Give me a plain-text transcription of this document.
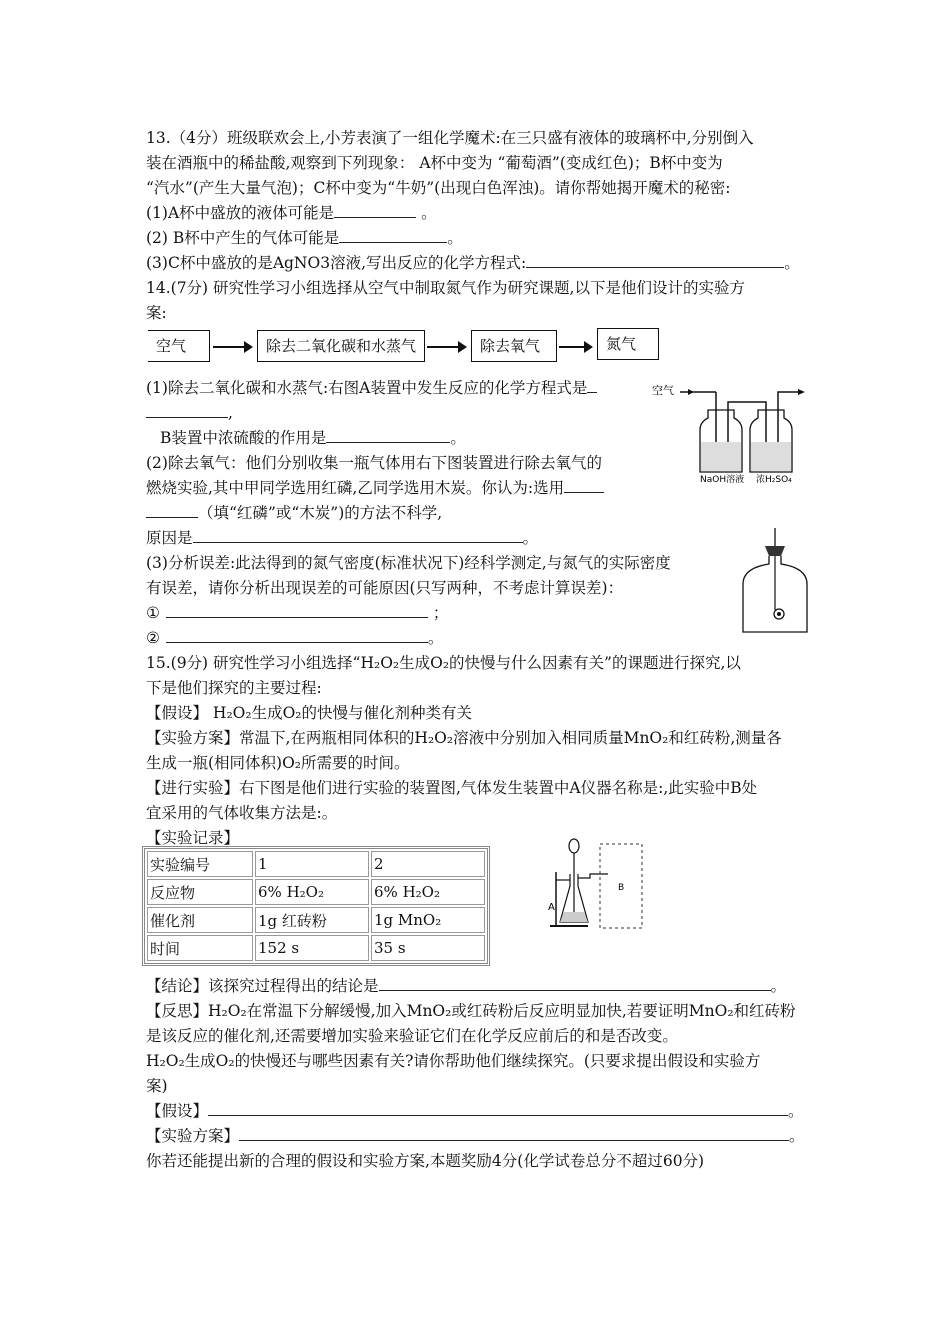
13.（4分）班级联欢会上,小芳表演了一组化学魔术:在三只盛有液体的玻璃杯中,分别倒入
装在酒瓶中的稀盐酸,观察到下列现象： A杯中变为 “葡萄酒”(变成红色)；B杯中变为
“汽水”(产生大量气泡)；C杯中变为“牛奶”(出现白色浑浊)。请你帮她揭开魔术的秘密:
(1)A杯中盛放的液体可能是	。
(2) B杯中产生的气体可能是	。
(3)C杯中盛放的是AgNO3溶液,写出反应的化学方程式:	。
14.(7分) 研究性学习小组选择从空气中制取氮气作为研究课题,以下是他们设计的实验方
案:
空气	除去二氧化碳和水蒸气	除去氧气	氮气
(1)除去二氧化碳和水蒸气:右图A装置中发生反应的化学方程式是
,
B装置中浓硫酸的作用是	。
(2)除去氧气：他们分别收集一瓶气体用右下图装置进行除去氧气的
燃烧实验,其中甲同学选用红磷,乙同学选用木炭。你认为:选用
（填“红磷”或“木炭”)的方法不科学,
原因是	。
(3)分析误差:此法得到的氮气密度(标准状况下)经科学测定,与氮气的实际密度
有误差，请你分析出现误差的可能原因(只写两种，不考虑计算误差)：
①	；
②	。
空气
NaOH溶液 浓H₂SO₄
15.(9分) 研究性学习小组选择“H₂O₂生成O₂的快慢与什么因素有关”的课题进行探究,以
下是他们探究的主要过程:
【假设】 H₂O₂生成O₂的快慢与催化剂种类有关
【实验方案】常温下,在两瓶相同体积的H₂O₂溶液中分别加入相同质量MnO₂和红砖粉,测量各
生成一瓶(相同体积)O₂所需要的时间。
【进行实验】右下图是他们进行实验的装置图,气体发生装置中A仪器名称是:,此实验中B处
宜采用的气体收集方法是:。
【实验记录】
实验编号	1	2
反应物	6% H₂O₂	6% H₂O₂
催化剂	1g 红砖粉	1g MnO₂
时间	152 s	35 s
B
A
【结论】该探究过程得出的结论是	。
【反思】H₂O₂在常温下分解缓慢,加入MnO₂或红砖粉后反应明显加快,若要证明MnO₂和红砖粉
是该反应的催化剂,还需要增加实验来验证它们在化学反应前后的和是否改变。
H₂O₂生成O₂的快慢还与哪些因素有关?请你帮助他们继续探究。(只要求提出假设和实验方
案)
【假设】	。
【实验方案】	。
你若还能提出新的合理的假设和实验方案,本题奖励4分(化学试卷总分不超过60分)
